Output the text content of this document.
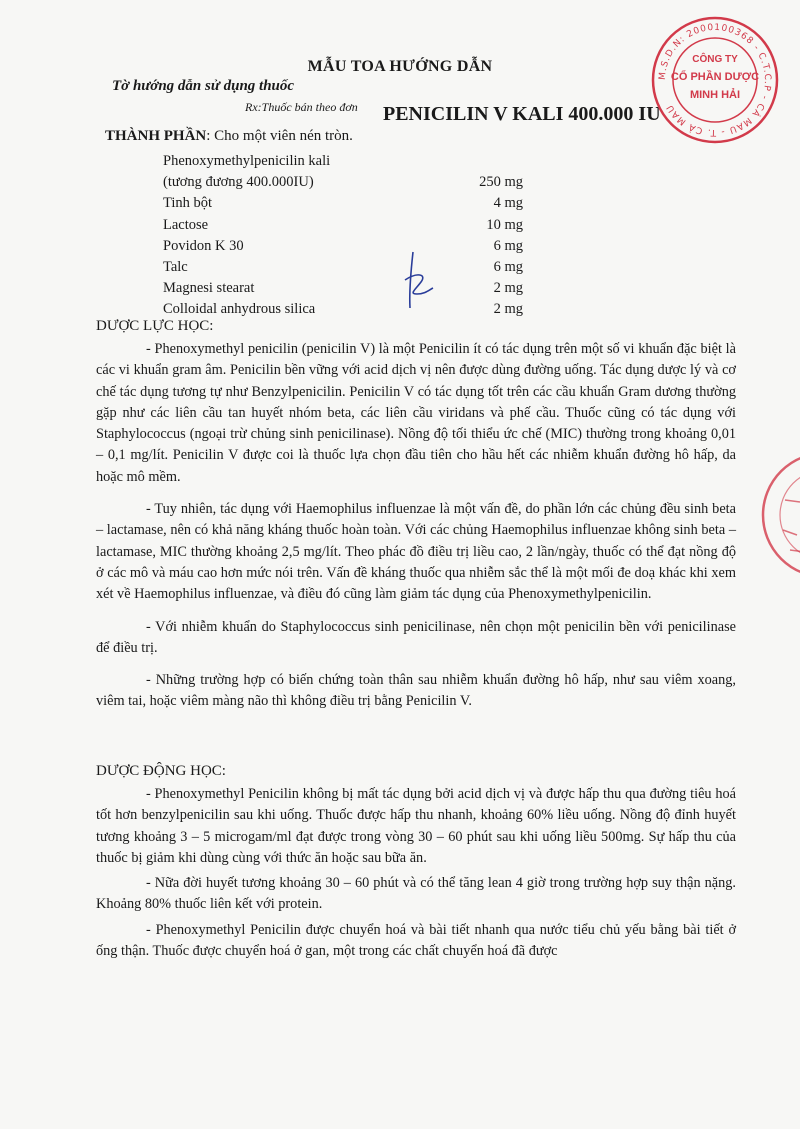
MẪU TOA HƯỚNG DẪN
Tờ hướng dẫn sử dụng thuốc
Rx:Thuốc bán theo đơn PENICILIN V KALI 400.000 IU
M.S.D.N: 2000100368 - C.T.C.P - CÀ MAU - T. CÀ MAU
CÔNG TY
CỔ PHẦN DƯỢC
MINH HẢI
THÀNH PHẦN: Cho một viên nén tròn.
Phenoxymethylpenicilin kali
(tương đương 400.000IU)	250 mg
Tinh bột	4 mg
Lactose	10 mg
Povidon K 30	6 mg
Talc	6 mg
Magnesi stearat	2 mg
Colloidal anhydrous silica	2 mg
DƯỢC LỰC HỌC:

- Phenoxymethyl penicilin (penicilin V) là một Penicilin ít có tác dụng trên một số vi khuẩn đặc biệt là các vi khuẩn gram âm. Penicilin bền vững với acid dịch vị nên được dùng đường uống. Tác dụng dược lý và cơ chế tác dụng tương tự như Benzylpenicilin. Penicilin V có tác dụng tốt trên các cầu khuẩn Gram dương thường gặp như các liên cầu tan huyết nhóm beta, các liên cầu viridans và phế cầu. Thuốc cũng có tác dụng với Staphylococcus (ngoại trừ chủng sinh penicilinase). Nồng độ tối thiểu ức chế (MIC) thường trong khoảng 0,01 – 0,1 mg/lít. Penicilin V được coi là thuốc lựa chọn đầu tiên cho hầu hết các nhiễm khuẩn đường hô hấp, da hoặc mô mềm.

- Tuy nhiên, tác dụng với Haemophilus influenzae là một vấn đề, do phần lớn các chủng đều sinh beta – lactamase, nên có khả năng kháng thuốc hoàn toàn. Với các chủng Haemophilus influenzae không sinh beta – lactamase, MIC thường khoảng 2,5 mg/lít. Theo phác đồ điều trị liều cao, 2 lần/ngày, thuốc có thể đạt nồng độ ở các mô và máu cao hơn mức nói trên. Vấn đề kháng thuốc qua nhiễm sắc thể là một mối đe doạ khác khi xem xét về Haemophilus influenzae, và điều đó cũng làm giảm tác dụng của Phenoxymethylpenicilin.

- Với nhiễm khuẩn do Staphylococcus sinh penicilinase, nên chọn một penicilin bền với penicilinase để điều trị.

- Những trường hợp có biến chứng toàn thân sau nhiễm khuẩn đường hô hấp, như sau viêm xoang, viêm tai, hoặc viêm màng não thì không điều trị bằng Penicilin V.

DƯỢC ĐỘNG HỌC:

- Phenoxymethyl Penicilin không bị mất tác dụng bởi acid dịch vị và được hấp thu qua đường tiêu hoá tốt hơn benzylpenicilin sau khi uống. Thuốc được hấp thu nhanh, khoảng 60% liều uống. Nồng độ đỉnh huyết tương khoảng 3 – 5 microgam/ml đạt được trong vòng 30 – 60 phút sau khi uống liều 500mg. Sự hấp thu của thuốc bị giảm khi dùng cùng với thức ăn hoặc sau bữa ăn.

- Nữa đời huyết tương khoảng 30 – 60 phút và có thể tăng lean 4 giờ trong trường hợp suy thận nặng. Khoảng 80% thuốc liên kết với protein.

- Phenoxymethyl Penicilin được chuyển hoá và bài tiết nhanh qua nước tiểu chủ yếu bằng bài tiết ở ống thận. Thuốc được chuyển hoá ở gan, một trong các chất chuyển hoá đã được
